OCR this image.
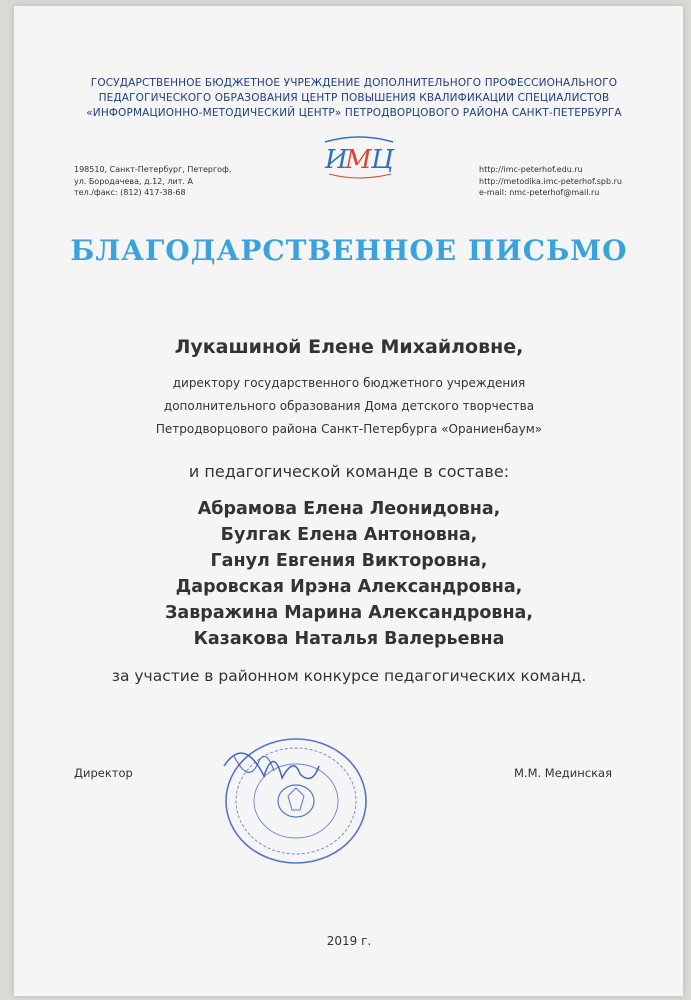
ГОСУДАРСТВЕННОЕ БЮДЖЕТНОЕ УЧРЕЖДЕНИЕ ДОПОЛНИТЕЛЬНОГО ПРОФЕССИОНАЛЬНОГО
ПЕДАГОГИЧЕСКОГО ОБРАЗОВАНИЯ ЦЕНТР ПОВЫШЕНИЯ КВАЛИФИКАЦИИ СПЕЦИАЛИСТОВ
«ИНФОРМАЦИОННО-МЕТОДИЧЕСКИЙ ЦЕНТР» ПЕТРОДВОРЦОВОГО РАЙОНА САНКТ-ПЕТЕРБУРГА
И
М Ц
198510, Санкт-Петербург, Петергоф,
ул. Бородачева, д.12, лит. А
тел./факс: (812) 417-38-68
http://imc-peterhof.edu.ru
http://metodika.imc-peterhof.spb.ru
e-mail: nmc-peterhof@mail.ru
БЛАГОДАРСТВЕННОЕ ПИСЬМО
Лукашиной Елене Михайловне,
директору государственного бюджетного учреждения
дополнительного образования Дома детского творчества
Петродворцового района Санкт-Петербурга «Ораниенбаум»
и педагогической команде в составе:
Абрамова Елена Леонидовна,
Булгак Елена Антоновна,
Ганул Евгения Викторовна,
Даровская Ирэна Александровна,
Завражина Марина Александровна,
Казакова Наталья Валерьевна
за участие в районном конкурсе педагогических команд.
Директор	М.М. Мединская
2019 г.
